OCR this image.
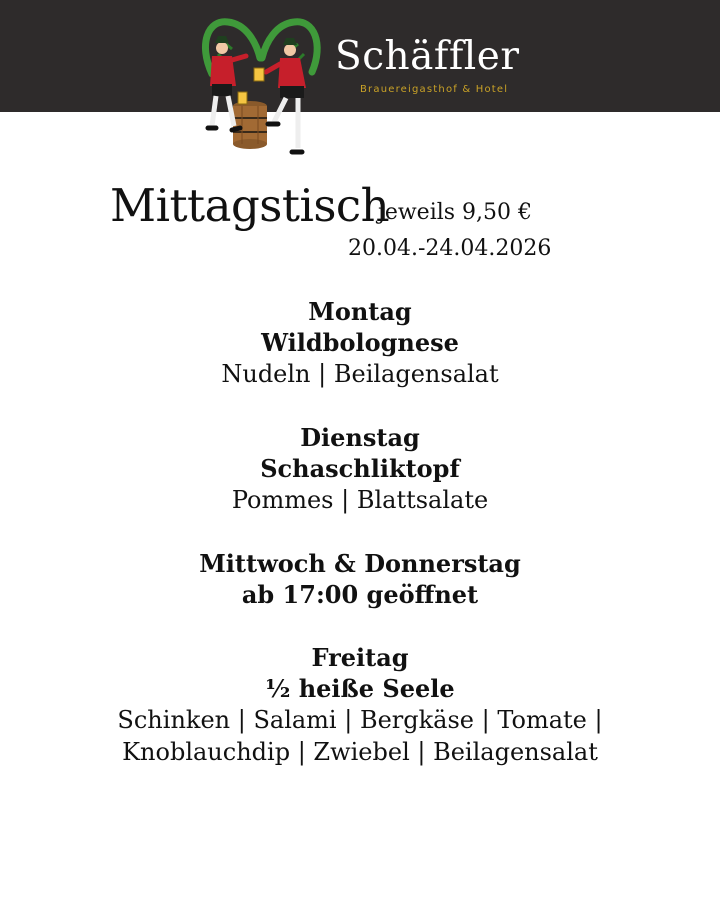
Schäffler
Brauereigasthof & Hotel
Mittagstisch
jeweils 9,50 €
20.04.-24.04.2026
Montag
Wildbolognese
Nudeln | Beilagensalat
Dienstag
Schaschliktopf
Pommes | Blattsalate
Mittwoch & Donnerstag
ab 17:00 geöffnet
Freitag
½ heiße Seele
Schinken | Salami | Bergkäse | Tomate |
Knoblauchdip | Zwiebel | Beilagensalat
